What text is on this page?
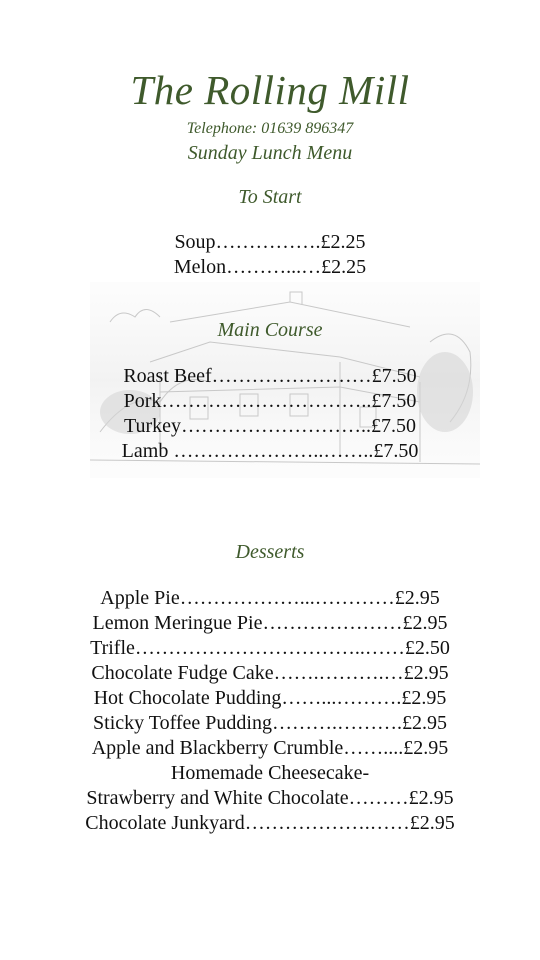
The Rolling Mill
Telephone: 01639 896347
Sunday Lunch Menu
To Start
Soup…………….£2.25
Melon………...…£2.25
Main Course
Roast Beef……………………£7.50
Pork…………………………..£7.50
Turkey………………………..£7.50
Lamb …………………..……..£7.50
Desserts
Apple Pie………………...…………£2.95
Lemon Meringue Pie…………………£2.95
Trifle……………………………..……£2.50
Chocolate Fudge Cake…….……….…£2.95
Hot Chocolate Pudding……...……….£2.95
Sticky Toffee Pudding……….……….£2.95
Apple and Blackberry Crumble……....£2.95
Homemade Cheesecake-
Strawberry and White Chocolate………£2.95
Chocolate Junkyard……………….……£2.95
